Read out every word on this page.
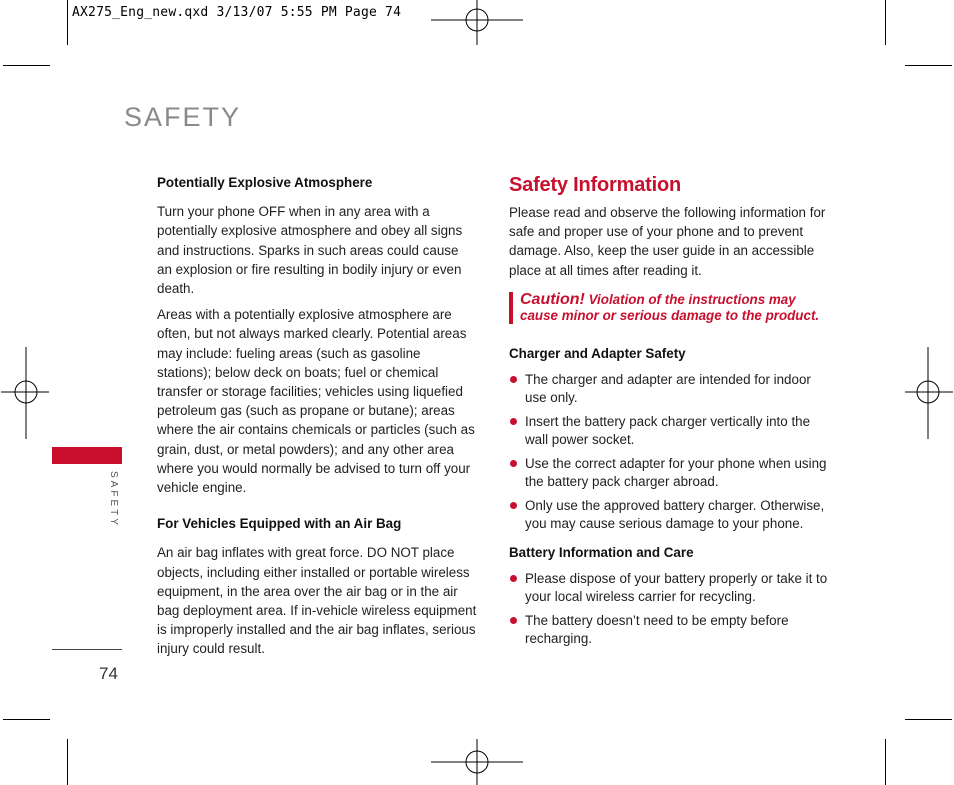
AX275_Eng_new.qxd 3/13/07 5:55 PM Page 74
SAFETY
SAFETY
74

Potentially Explosive Atmosphere

Turn your phone OFF when in any area with a potentially explosive atmosphere and obey all signs and instructions. Sparks in such areas could cause an explosion or fire resulting in bodily injury or even death.

Areas with a potentially explosive atmosphere are often, but not always marked clearly. Potential areas may include: fueling areas (such as gasoline stations); below deck on boats; fuel or chemical transfer or storage facilities; vehicles using liquefied petroleum gas (such as propane or butane); areas where the air contains chemicals or particles (such as grain, dust, or metal powders); and any other area where you would normally be advised to turn off your vehicle engine.

For Vehicles Equipped with an Air Bag

An air bag inflates with great force. DO NOT place objects, including either installed or portable wireless equipment, in the area over the air bag or in the air bag deployment area. If in-vehicle wireless equipment is improperly installed and the air bag inflates, serious injury could result.

Safety Information

Please read and observe the following information for safe and proper use of your phone and to prevent damage. Also, keep the user guide in an accessible place at all times after reading it.

Caution! Violation of the instructions may cause minor or serious damage to the product.

Charger and Adapter Safety

The charger and adapter are intended for indoor use only.
Insert the battery pack charger vertically into the wall power socket.
Use the correct adapter for your phone when using the battery pack charger abroad.
Only use the approved battery charger. Otherwise, you may cause serious damage to your phone.

Battery Information and Care

Please dispose of your battery properly or take it to your local wireless carrier for recycling.
The battery doesn’t need to be empty before recharging.
